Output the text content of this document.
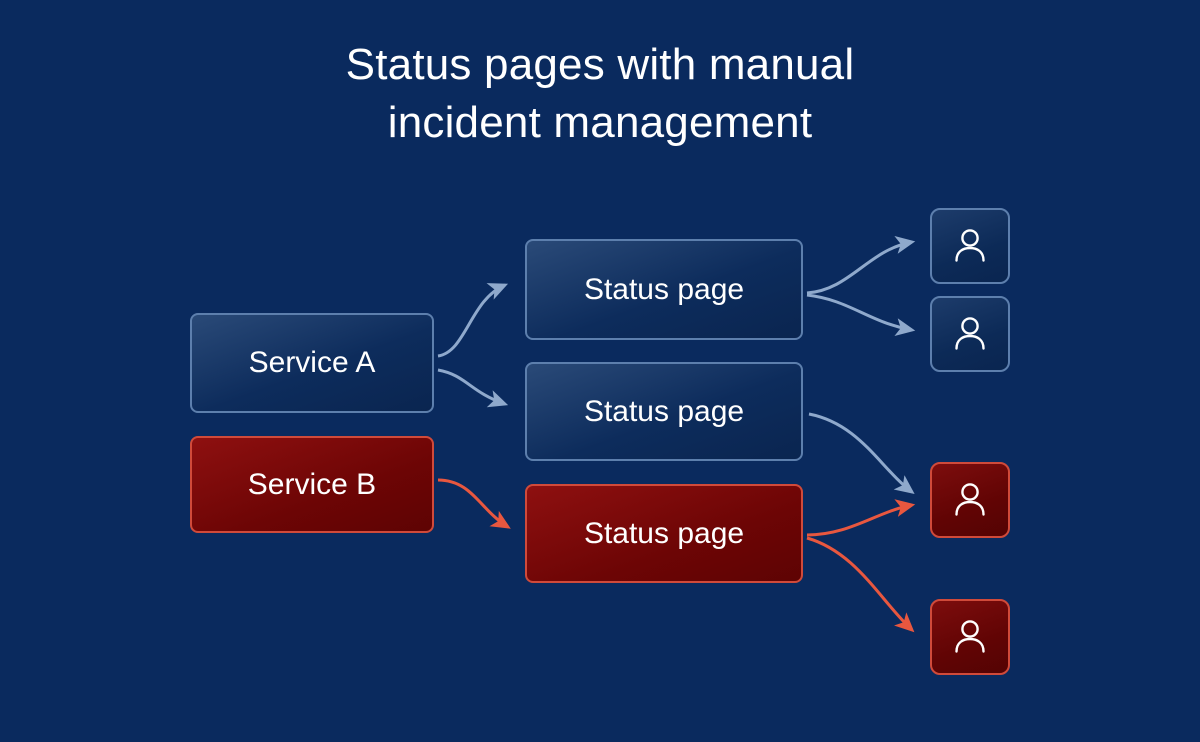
Status pages with manual
incident management
Service A
Service B
Status page
Status page
Status page
